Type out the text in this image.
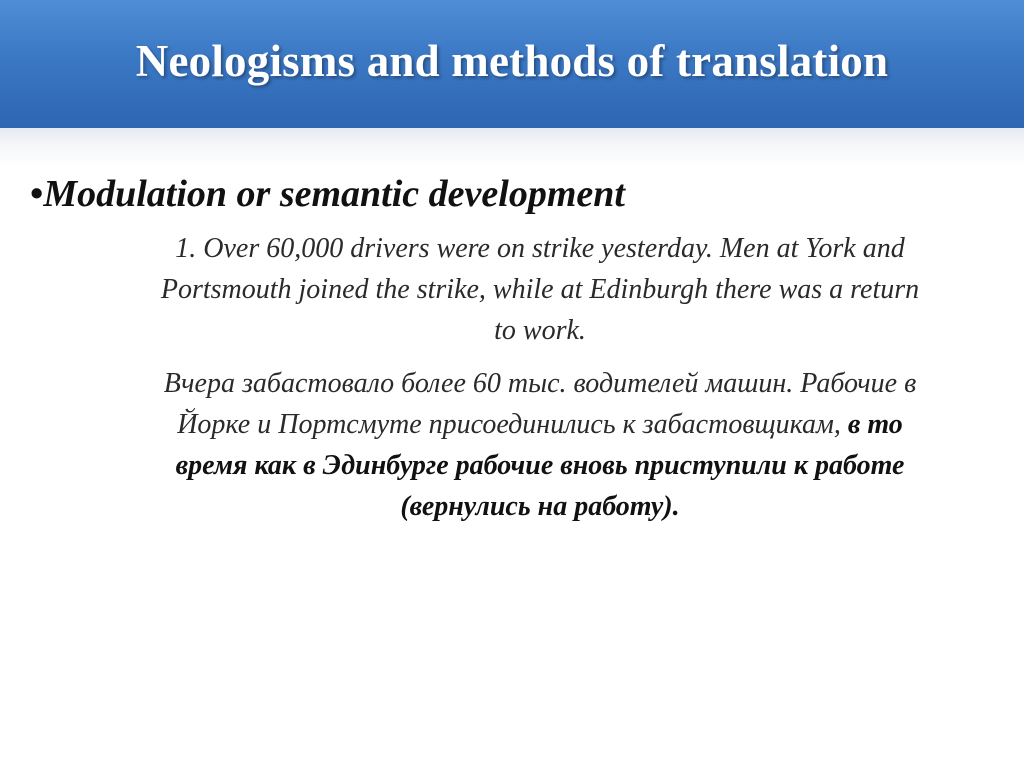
Neologisms and methods of translation

•Modulation or semantic development

1. Over 60,000 drivers were on strike yesterday. Men at York and
Portsmouth joined the strike, while at Edinburgh there was a return
to work.

Вчера забастовало более 60 тыс. водителей машин. Рабочие в
Йорке и Портсмуте присоединились к забастовщикам, в то
время как в Эдинбурге рабочие вновь приступили к работе
(вернулись на работу).
